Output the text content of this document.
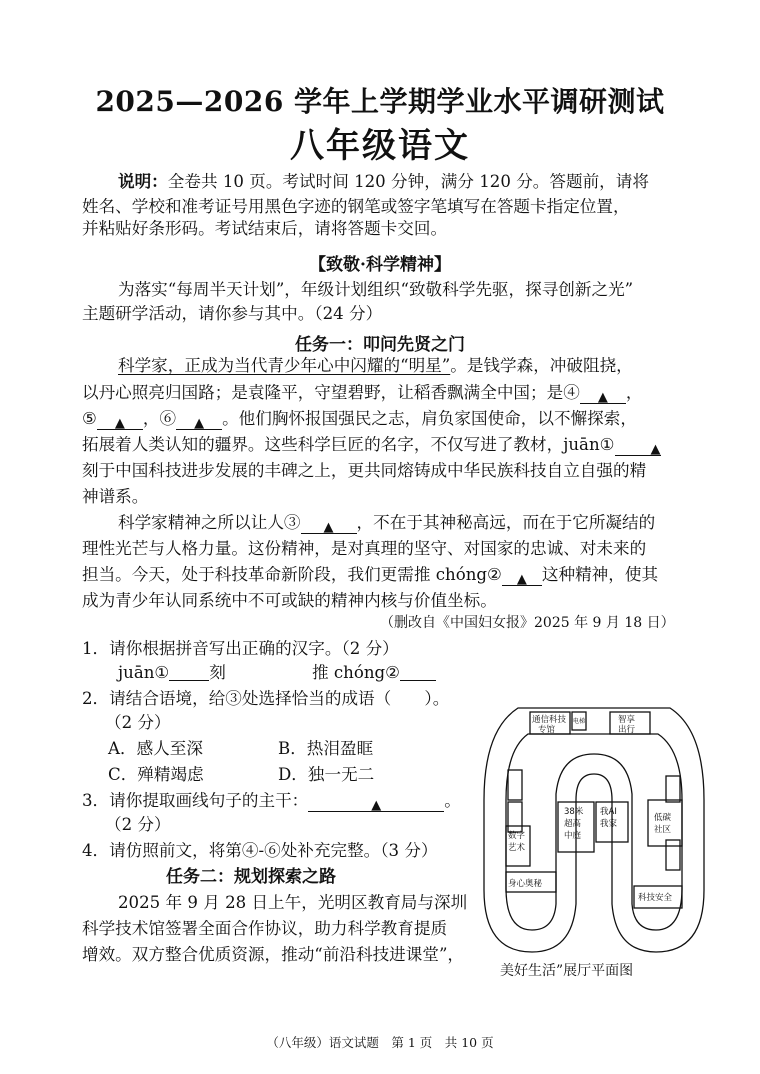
2025—2026 学年上学期学业水平调研测试
八年级语文
说明：全卷共 10 页。考试时间 120 分钟，满分 120 分。答题前，请将
姓名、学校和准考证号用黑色字迹的钢笔或签字笔填写在答题卡指定位置，
并粘贴好条形码。考试结束后，请将答题卡交回。
【致敬·科学精神】
为落实“每周半天计划”，年级计划组织“致敬科学先驱，探寻创新之光”
主题研学活动，请你参与其中。（24 分）
任务一：叩问先贤之门
科学家，正成为当代青少年心中闪耀的“明星”。是钱学森，冲破阻挠，
以丹心照亮归国路；是袁隆平，守望碧野，让稻香飘满全中国；是④ ▲ ，
⑤ ▲ ，⑥ ▲ 。他们胸怀报国强民之志，肩负家国使命，以不懈探索，
拓展着人类认知的疆界。这些科学巨匠的名字，不仅写进了教材，juān①	▲
刻于中国科技进步发展的丰碑之上，更共同熔铸成中华民族科技自立自强的精
神谱系。
科学家精神之所以让人③ ▲ ，不在于其神秘高远，而在于它所凝结的
理性光芒与人格力量。这份精神，是对真理的坚守、对国家的忠诚、对未来的
担当。今天，处于科技革命新阶段，我们更需推 chóng② ▲ 这种精神，使其
成为青少年认同系统中不可或缺的精神内核与价值坐标。
（删改自《中国妇女报》2025 年 9 月 18 日）
1．请你根据拼音写出正确的汉字。（2 分）
juān① 刻	推 chóng②
2．请结合语境，给③处选择恰当的成语（　　）。
（2 分）
A．感人至深	B．热泪盈眶
C．殚精竭虑	D．独一无二
3．请你提取画线句子的主干：	▲	。
（2 分）
4．请仿照前文，将第④-⑥处补充完整。（3 分）
任务二：规划探索之路
2025 年 9 月 28 日上午，光明区教育局与深圳
科学技术馆签署全面合作协议，助力科学教育提质
增效。双方整合优质资源，推动“前沿科技进课堂”，
通信科技
专馆
电梯	智享
出行
38米
超高
中庭
我AI
我家
数字
艺术
身心奥秘
低碳
社区
科技安全
美好生活”展厅平面图
（八年级）语文试题　第 1 页　共 10 页
